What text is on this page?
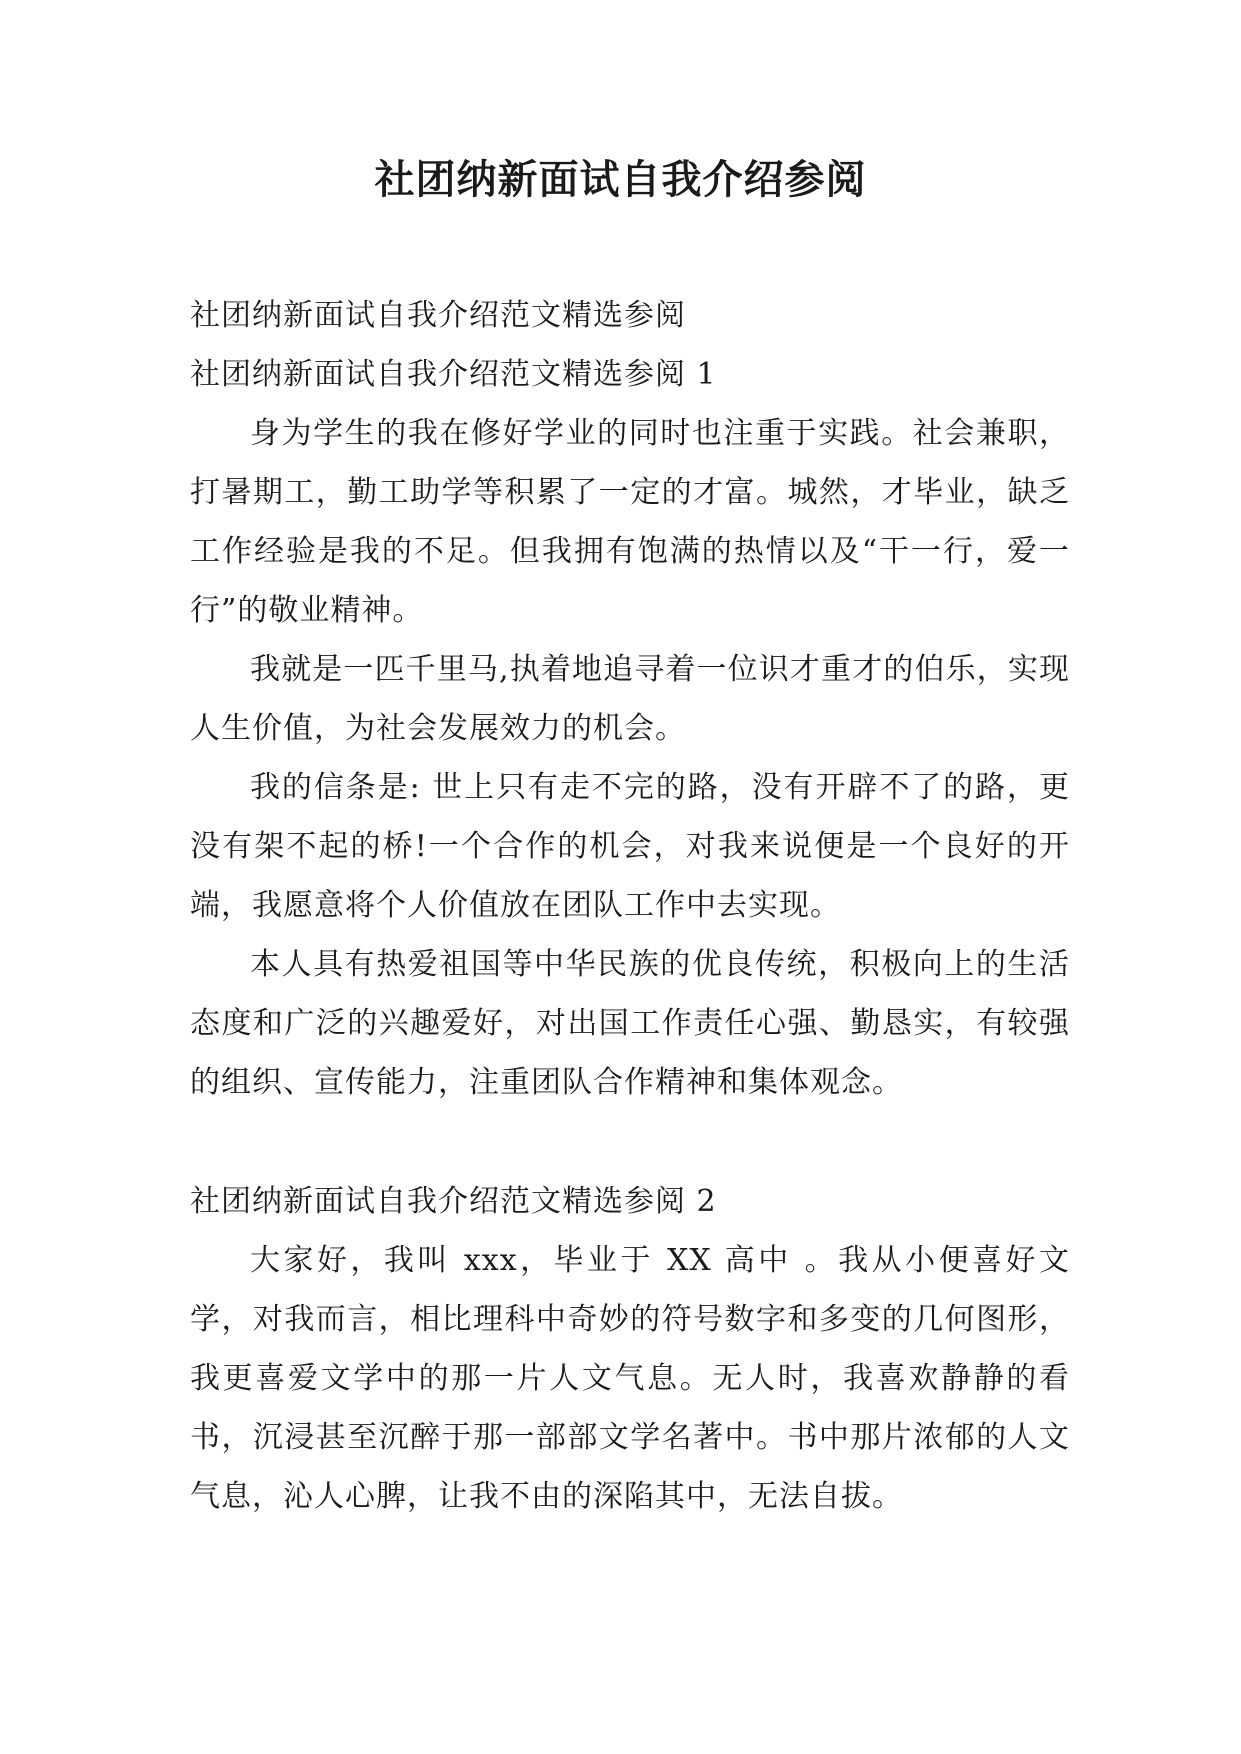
社团纳新面试自我介绍参阅

社团纳新面试自我介绍范文精选参阅

社团纳新面试自我介绍范文精选参阅 1

身为学生的我在修好学业的同时也注重于实践。社会兼职，打暑期工，勤工助学等积累了一定的才富。城然，才毕业，缺乏工作经验是我的不足。但我拥有饱满的热情以及“干一行，爱一行”的敬业精神。

我就是一匹千里马,执着地追寻着一位识才重才的伯乐，实现人生价值，为社会发展效力的机会。

我的信条是: 世上只有走不完的路，没有开辟不了的路，更没有架不起的桥!一个合作的机会，对我来说便是一个良好的开端，我愿意将个人价值放在团队工作中去实现。

本人具有热爱祖国等中华民族的优良传统，积极向上的生活态度和广泛的兴趣爱好，对出国工作责任心强、勤恳实，有较强的组织、宣传能力，注重团队合作精神和集体观念。

社团纳新面试自我介绍范文精选参阅 2

大家好，我叫 xxx，毕业于 XX 高中 。我从小便喜好文学，对我而言，相比理科中奇妙的符号数字和多变的几何图形，我更喜爱文学中的那一片人文气息。无人时，我喜欢静静的看书，沉浸甚至沉醉于那一部部文学名著中。书中那片浓郁的人文气息，沁人心脾，让我不由的深陷其中，无法自拔。
